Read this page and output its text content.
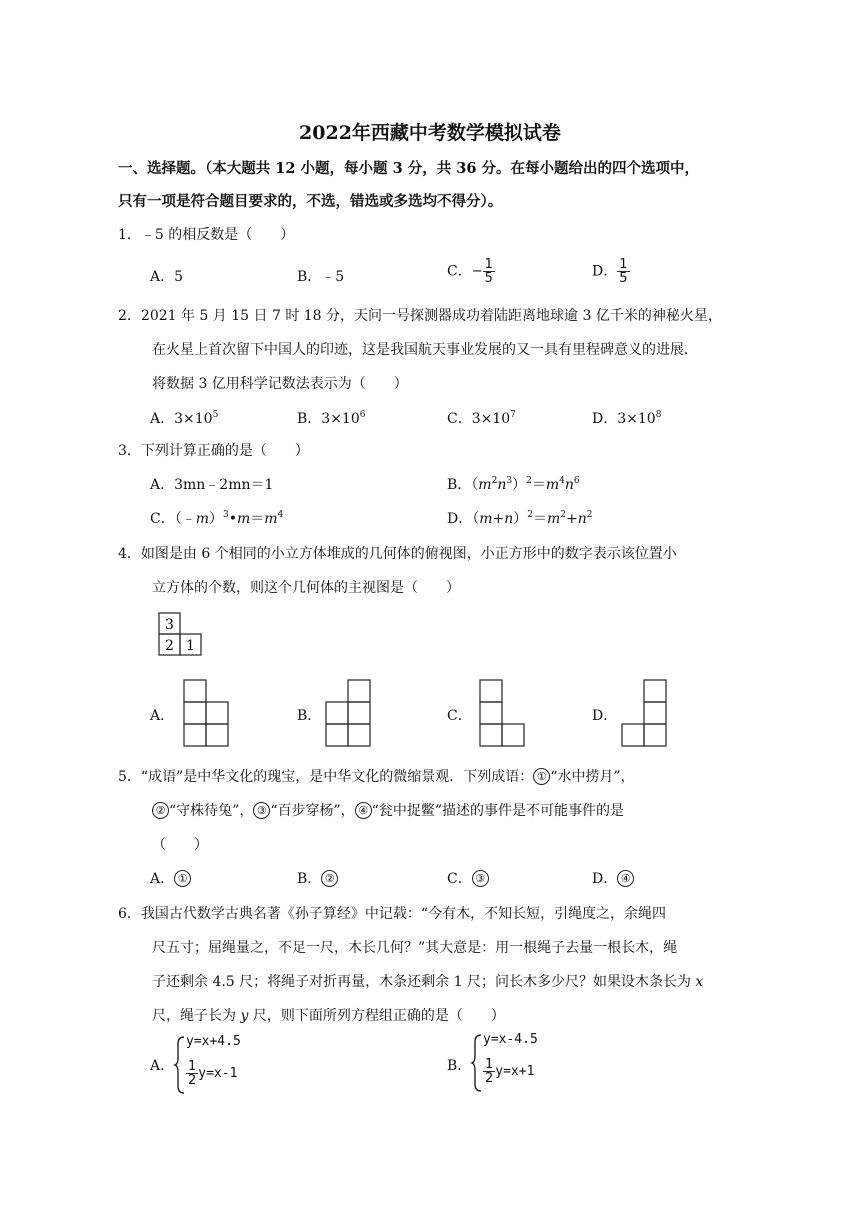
2022年西藏中考数学模拟试卷
一、选择题。（本大题共 12 小题，每小题 3 分，共 36 分。在每小题给出的四个选项中，
只有一项是符合题目要求的，不选，错选或多选均不得分）。
1．﹣5 的相反数是（　　）
A．5	B．﹣5	C．− $\frac{1}{5}$	D． $\frac{1}{5}$
2．2021 年 5 月 15 日 7 时 18 分，天问一号探测器成功着陆距离地球逾 3 亿千米的神秘火星，
在火星上首次留下中国人的印迹，这是我国航天事业发展的又一具有里程碑意义的进展．
将数据 3 亿用科学记数法表示为（　　）
A．$3\times 10^5$	B．$3\times 10^6$	C．$3\times 10^7$	D．$3\times 10^8$
3．下列计算正确的是（　　）
A．3mn﹣2mn＝1	B．$(m^2n^3)^2=m^4n^6$
C．$(﹣m)^3•m=m^4$	D．$(m+n)^2=m^2+n^2$
4．如图是由 6 个相同的小立方体堆成的几何体的俯视图，小正方形中的数字表示该位置小
立方体的个数，则这个几何体的主视图是（　　）
3
2 1
A．	B．	C．	D．
5．“成语”是中华文化的瑰宝，是中华文化的微缩景观．下列成语： ① “水中捞月”，
② “守株待兔”， ③ “百步穿杨”， ④ “瓮中捉鳖”描述的事件是不可能事件的是
（　　）
A． ①	B． ②	C． ③	D． ④
6．我国古代数学古典名著《孙子算经》中记载：“今有木，不知长短，引绳度之，余绳四
尺五寸；屈绳量之，不足一尺，木长几何？”其大意是：用一根绳子去量一根长木，绳
子还剩余 4.5 尺；将绳子对折再量，木条还剩余 1 尺；问长木多少尺？如果设木条长为 x
尺，绳子长为 y 尺，则下面所列方程组正确的是（　　）
A．
y=x+4.5
$\frac{1}{2} y=x-1$	B．
y=x-4.5
$\frac{1}{2} y=x+1$
